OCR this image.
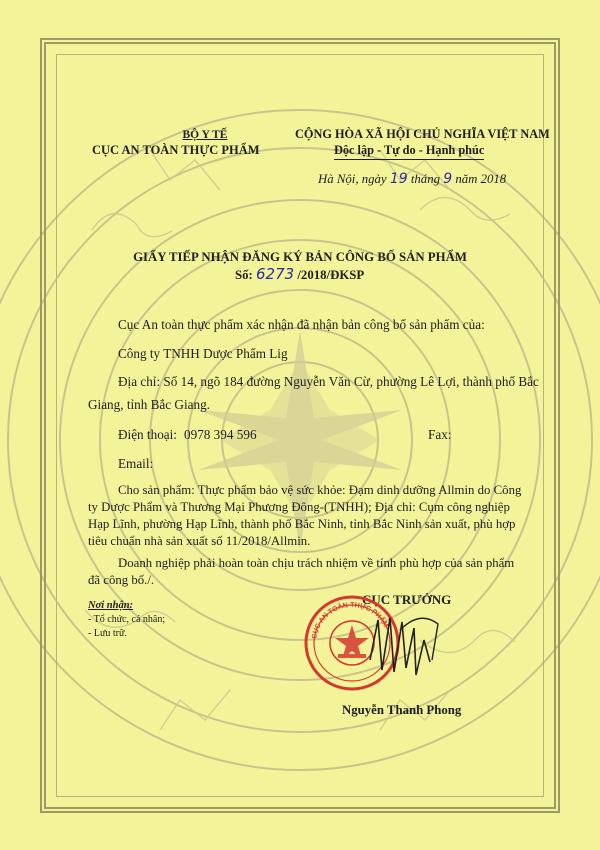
BỘ Y TẾ
CỤC AN TOÀN THỰC PHẨM
CỘNG HÒA XÃ HỘI CHỦ NGHĨA VIỆT NAM
Độc lập - Tự do - Hạnh phúc
Hà Nội, ngày 19 tháng 9 năm 2018
GIẤY TIẾP NHẬN ĐĂNG KÝ BẢN CÔNG BỐ SẢN PHẨM
Số: 6273 /2018/ĐKSP
Cục An toàn thực phẩm xác nhận đã nhận bản công bố sản phẩm của:
Công ty TNHH Dược Phẩm Lig
Địa chỉ: Số 14, ngõ 184 đường Nguyễn Văn Cừ, phường Lê Lợi, thành phố Bắc
Giang, tỉnh Bắc Giang.
Điện thoại: 0978 394 596	Fax:
Email:
Cho sản phẩm: Thực phẩm bảo vệ sức khỏe: Đạm dinh dưỡng Allmin do Công
ty Dược Phẩm và Thương Mại Phương Đông-(TNHH); Địa chỉ: Cụm công nghiệp
Hạp Lĩnh, phường Hạp Lĩnh, thành phố Bắc Ninh, tỉnh Bắc Ninh sản xuất, phù hợp
tiêu chuẩn nhà sản xuất số 11/2018/Allmin.
Doanh nghiệp phải hoàn toàn chịu trách nhiệm về tính phù hợp của sản phẩm
đã công bố./.
Nơi nhận:
- Tổ chức, cá nhân;
- Lưu trữ.
CỤC TRƯỞNG
CỤC AN TOÀN THỰC PHẨM
Nguyễn Thanh Phong
